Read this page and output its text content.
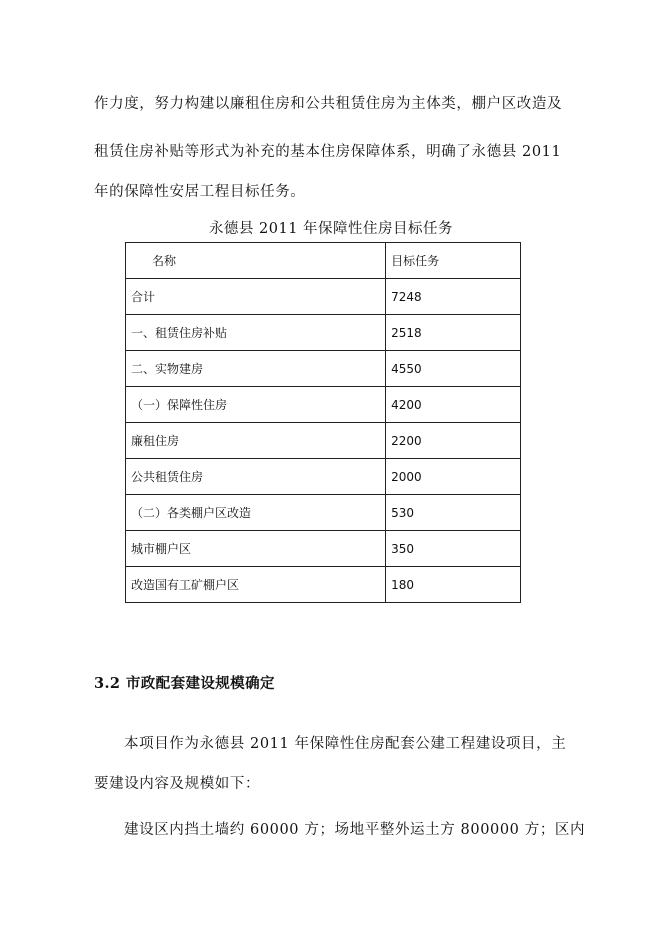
作力度，努力构建以廉租住房和公共租赁住房为主体类，棚户区改造及

租赁住房补贴等形式为补充的基本住房保障体系，明确了永德县 2011

年的保障性安居工程目标任务。

永德县 2011 年保障性住房目标任务
名称	目标任务
合计	7248
一、租赁住房补贴	2518
二、实物建房	4550
（一）保障性住房	4200
廉租住房	2200
公共租赁住房	2000
（二）各类棚户区改造	530
城市棚户区	350
改造国有工矿棚户区	180
3.2 市政配套建设规模确定

本项目作为永德县 2011 年保障性住房配套公建工程建设项目，主

要建设内容及规模如下：

建设区内挡土墙约 60000 方；场地平整外运土方 800000 方；区内
